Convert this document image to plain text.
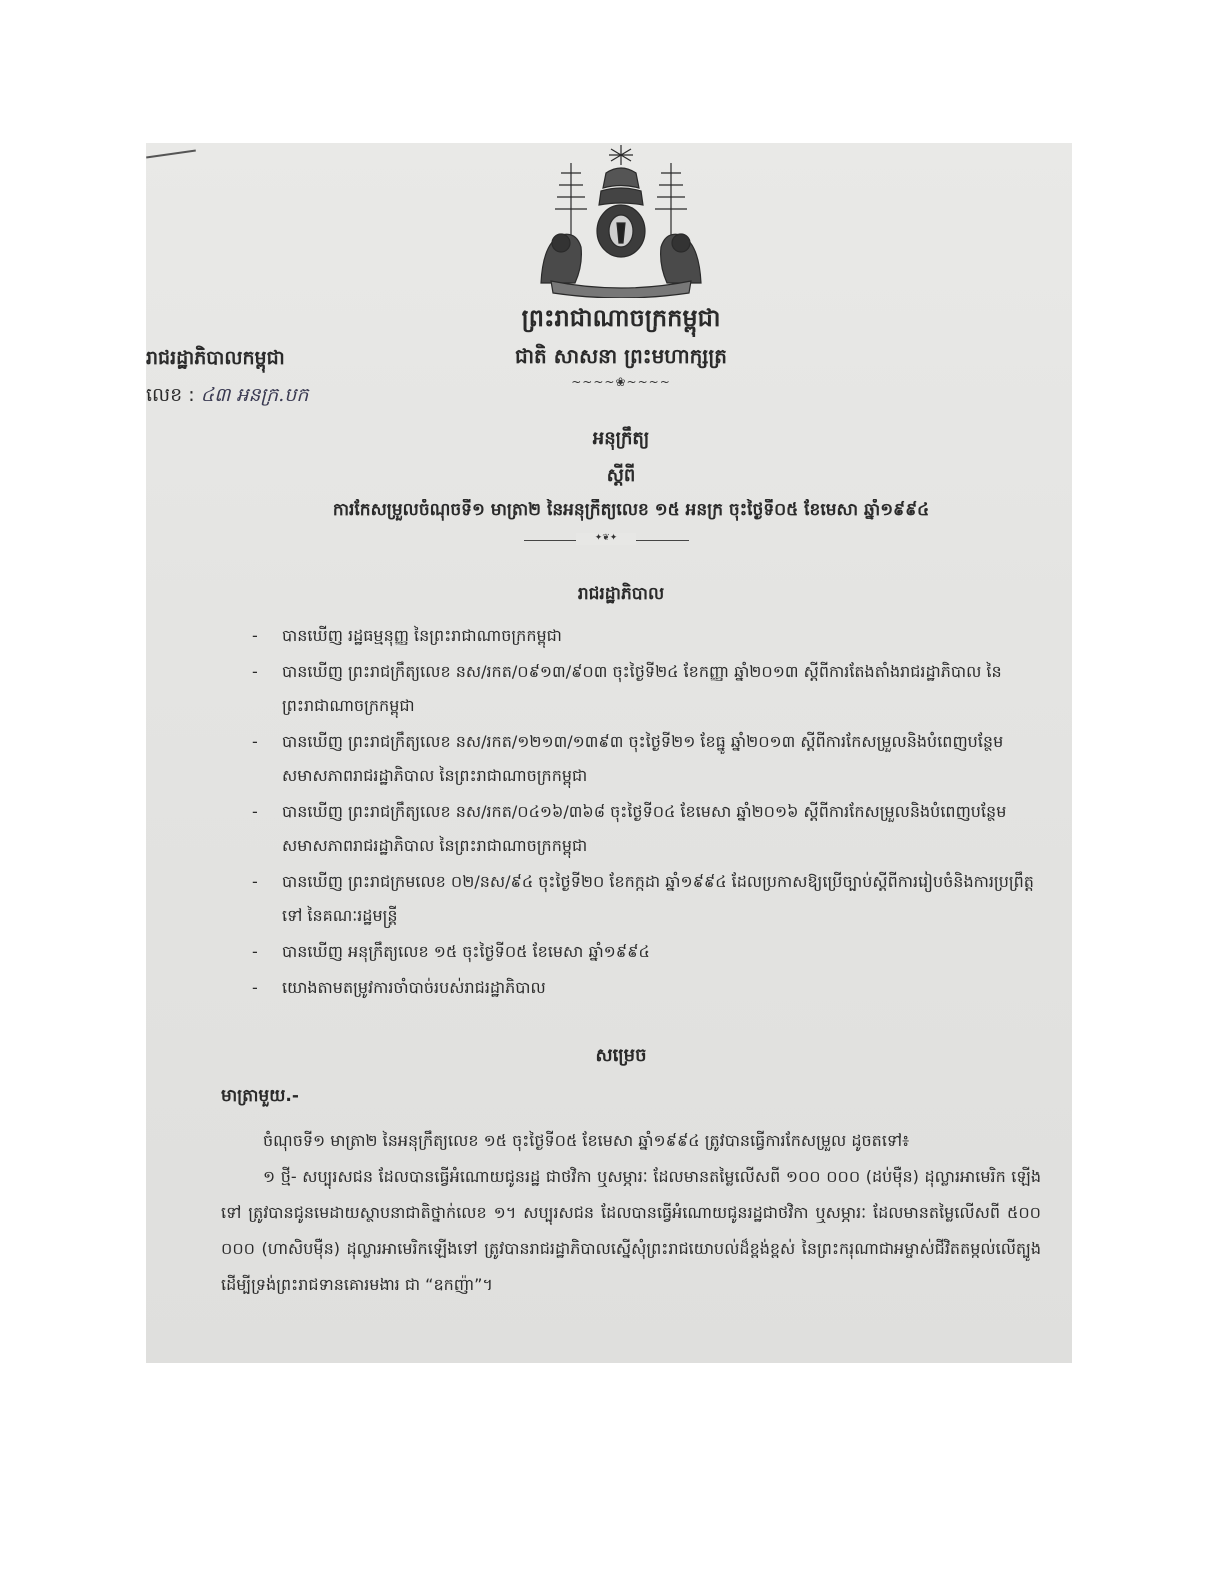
ព្រះរាជាណាចក្រកម្ពុជា
ជាតិ សាសនា ព្រះមហាក្សត្រ
~~~~❀~~~~
រាជរដ្ឋាភិបាលកម្ពុជា
លេខ : ៤៣ អនក្រ.បក
អនុក្រឹត្យ
ស្តីពី
ការកែសម្រួលចំណុចទី១ មាត្រា២ នៃអនុក្រឹត្យលេខ ១៥ អនក្រ ចុះថ្ងៃទី០៥ ខែមេសា ឆ្នាំ១៩៩៤
✦❦✦
រាជរដ្ឋាភិបាល
- បានឃើញ រដ្ឋធម្មនុញ្ញ នៃព្រះរាជាណាចក្រកម្ពុជា
- បានឃើញ ព្រះរាជក្រឹត្យលេខ នស/រកត/០៩១៣/៩០៣ ចុះថ្ងៃទី២៤ ខែកញ្ញា ឆ្នាំ២០១៣ ស្តីពីការតែងតាំងរាជរដ្ឋាភិបាល នៃព្រះរាជាណាចក្រកម្ពុជា
- បានឃើញ ព្រះរាជក្រឹត្យលេខ នស/រកត/១២១៣/១៣៩៣ ចុះថ្ងៃទី២១ ខែធ្នូ ឆ្នាំ២០១៣ ស្តីពីការកែសម្រួលនិងបំពេញបន្ថែមសមាសភាពរាជរដ្ឋាភិបាល នៃព្រះរាជាណាចក្រកម្ពុជា
- បានឃើញ ព្រះរាជក្រឹត្យលេខ នស/រកត/០៤១៦/៣៦៨ ចុះថ្ងៃទី០៤ ខែមេសា ឆ្នាំ២០១៦ ស្តីពីការកែសម្រួលនិងបំពេញបន្ថែមសមាសភាពរាជរដ្ឋាភិបាល នៃព្រះរាជាណាចក្រកម្ពុជា
- បានឃើញ ព្រះរាជក្រមលេខ ០២/នស/៩៤ ចុះថ្ងៃទី២០ ខែកក្កដា ឆ្នាំ១៩៩៤ ដែលប្រកាសឱ្យប្រើច្បាប់ស្តីពីការរៀបចំនិងការប្រព្រឹត្តទៅ នៃគណៈរដ្ឋមន្ត្រី
- បានឃើញ អនុក្រឹត្យលេខ ១៥ ចុះថ្ងៃទី០៥ ខែមេសា ឆ្នាំ១៩៩៤
- យោងតាមតម្រូវការចាំបាច់របស់រាជរដ្ឋាភិបាល
សម្រេច
មាត្រាមួយ.-

ចំណុចទី១ មាត្រា២ នៃអនុក្រឹត្យលេខ ១៥ ចុះថ្ងៃទី០៥ ខែមេសា ឆ្នាំ១៩៩៤ ត្រូវបានធ្វើការកែសម្រួល ដូចតទៅ៖

១ ថ្មី- សប្បុរសជន ដែលបានធ្វើអំណោយជូនរដ្ឋ ជាថវិកា ឬសម្ភារៈ ដែលមានតម្លៃលើសពី ១០០ ០០០ (ដប់ម៉ឺន) ដុល្លារអាមេរិក ឡើងទៅ ត្រូវបានជូនមេដាយស្ថាបនាជាតិថ្នាក់លេខ ១។ សប្បុរសជន ដែលបានធ្វើអំណោយជូនរដ្ឋជាថវិកា ឬសម្ភារៈ ដែលមានតម្លៃលើសពី ៥០០ ០០០ (ហាសិបម៉ឺន) ដុល្លារអាមេរិកឡើងទៅ ត្រូវបានរាជរដ្ឋាភិបាលស្នើសុំព្រះរាជយោបល់ដ៏ខ្ពង់ខ្ពស់ នៃព្រះករុណាជាអម្ចាស់ជីវិតតម្កល់លើត្បូង ដើម្បីទ្រង់ព្រះរាជទានគោរមងារ ជា “ឧកញ៉ា”។
